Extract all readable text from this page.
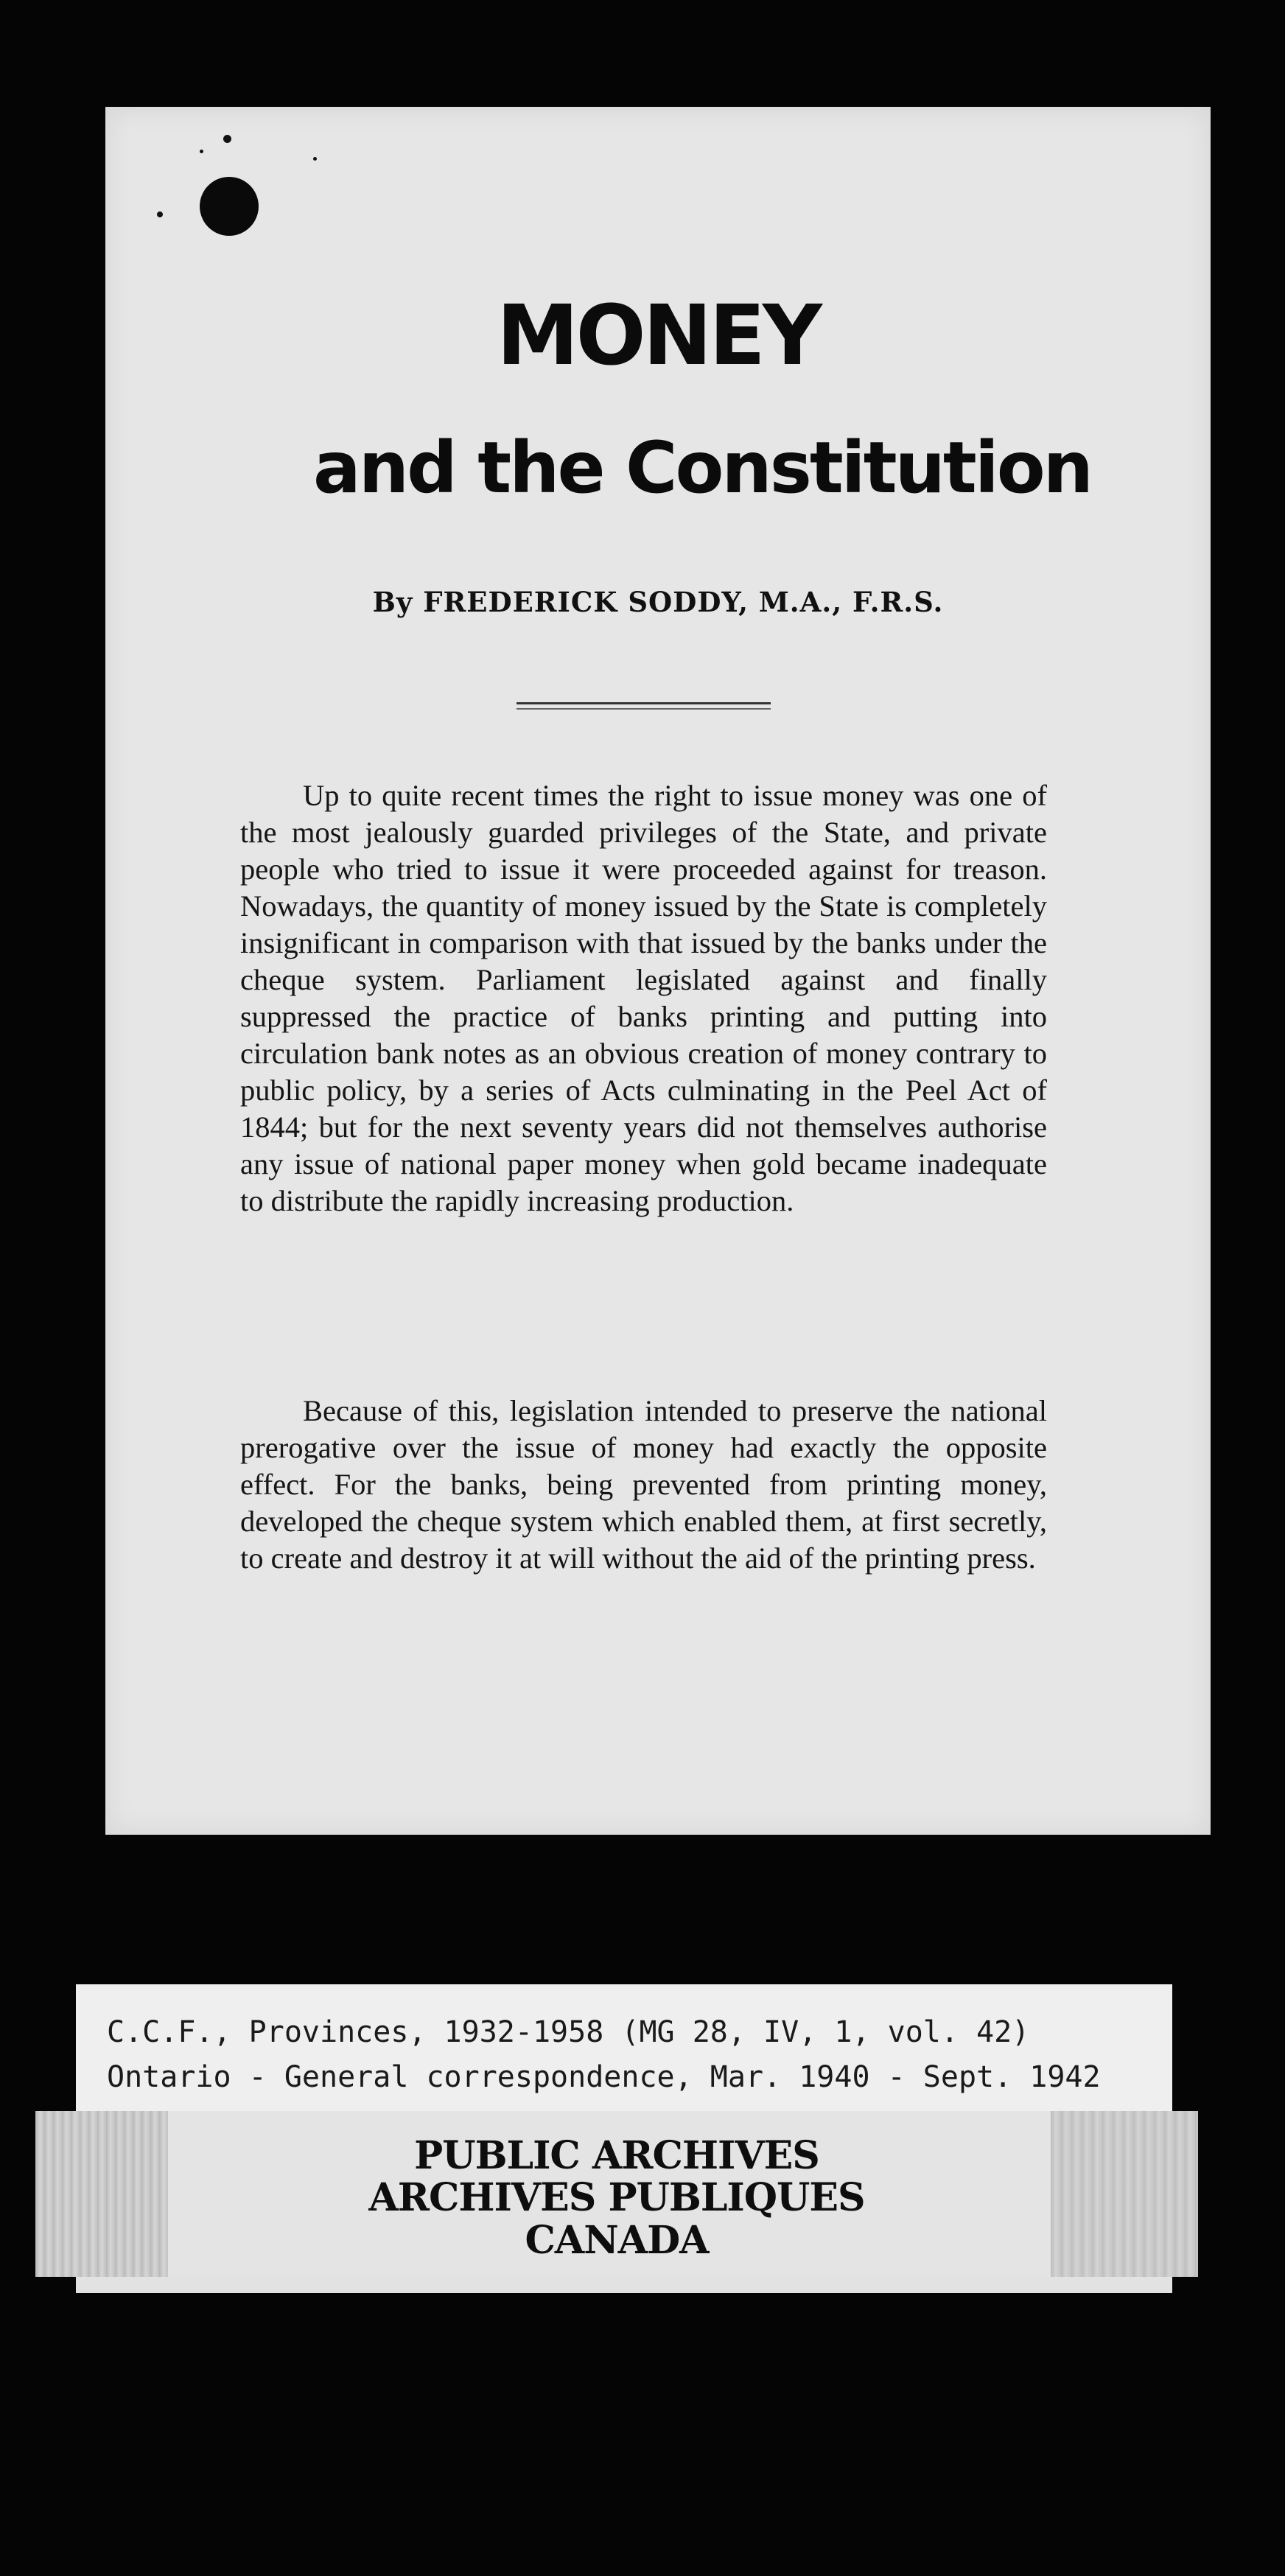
MONEY
and the Constitution
By FREDERICK SODDY, M.A., F.R.S.

Up to quite recent times the right to issue money was one of the most jealously guarded privileges of the State, and private people who tried to issue it were proceeded against for treason. Nowadays, the quantity of money issued by the State is completely insignificant in comparison with that issued by the banks under the cheque system. Parliament legislated against and finally suppressed the practice of banks printing and putting into circulation bank notes as an obvious creation of money contrary to public policy, by a series of Acts culminating in the Peel Act of 1844; but for the next seventy years did not themselves authorise any issue of national paper money when gold became inadequate to distribute the rapidly increasing production.

Because of this, legislation intended to preserve the national prerogative over the issue of money had exactly the opposite effect. For the banks, being prevented from printing money, developed the cheque system which enabled them, at first secretly, to create and destroy it at will without the aid of the printing press.

C.C.F., Provinces, 1932-1958 (MG 28, IV, 1, vol. 42)
Ontario - General correspondence, Mar. 1940 - Sept. 1942
PUBLIC ARCHIVES
ARCHIVES PUBLIQUES
CANADA
